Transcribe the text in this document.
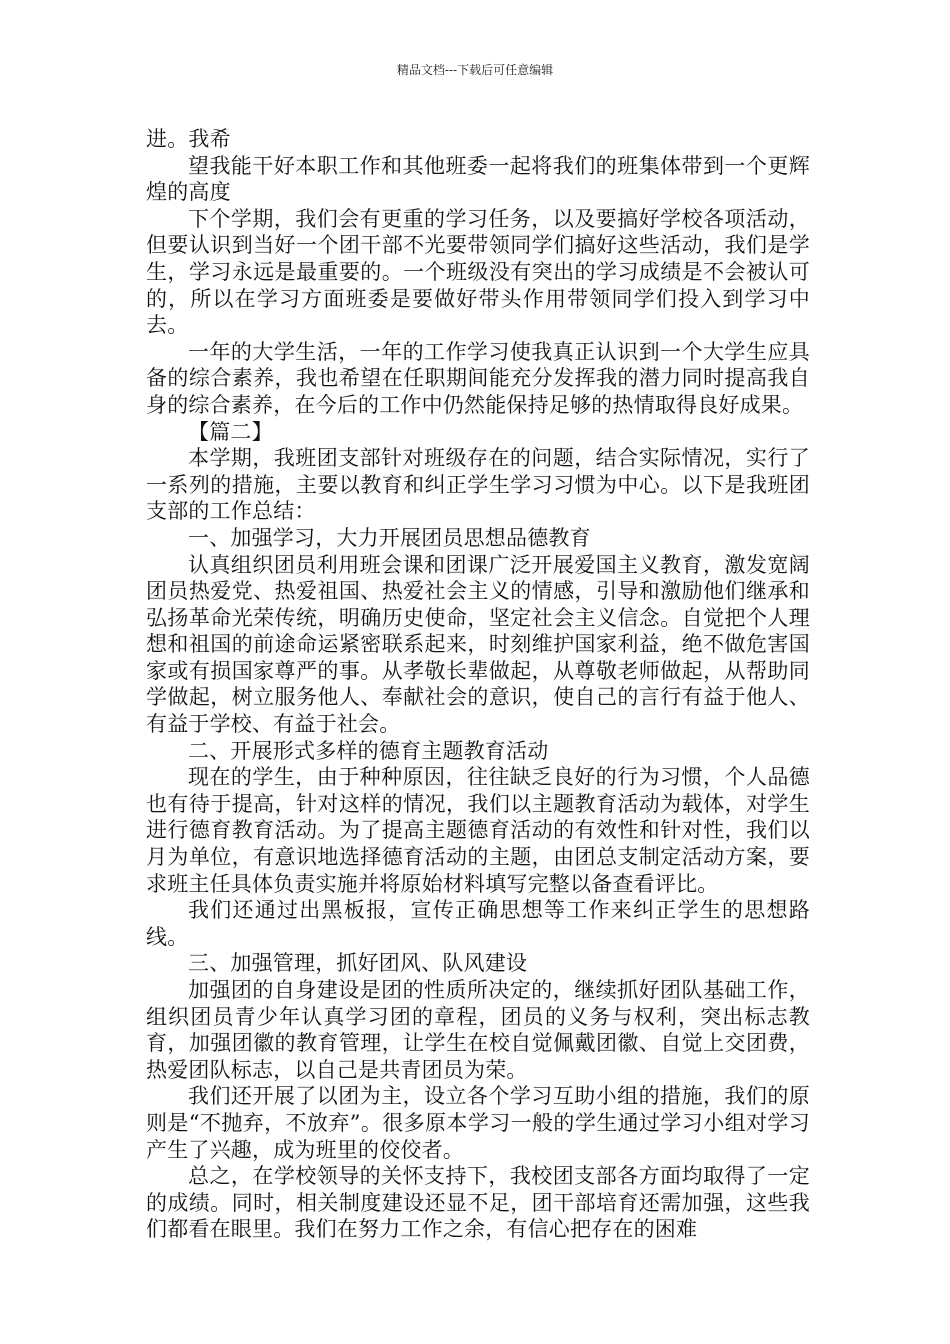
精品文档---下载后可任意编辑

进。我希

望我能干好本职工作和其他班委一起将我们的班集体带到一个更辉煌的高度

下个学期，我们会有更重的学习任务，以及要搞好学校各项活动，但要认识到当好一个团干部不光要带领同学们搞好这些活动，我们是学生，学习永远是最重要的。一个班级没有突出的学习成绩是不会被认可的，所以在学习方面班委是要做好带头作用带领同学们投入到学习中去。

一年的大学生活，一年的工作学习使我真正认识到一个大学生应具备的综合素养，我也希望在任职期间能充分发挥我的潜力同时提高我自身的综合素养，在今后的工作中仍然能保持足够的热情取得良好成果。

【篇二】

本学期，我班团支部针对班级存在的问题，结合实际情况，实行了一系列的措施，主要以教育和纠正学生学习习惯为中心。以下是我班团支部的工作总结：

一、加强学习，大力开展团员思想品德教育

认真组织团员利用班会课和团课广泛开展爱国主义教育，激发宽阔团员热爱党、热爱祖国、热爱社会主义的情感，引导和激励他们继承和弘扬革命光荣传统，明确历史使命，坚定社会主义信念。自觉把个人理想和祖国的前途命运紧密联系起来，时刻维护国家利益，绝不做危害国家或有损国家尊严的事。从孝敬长辈做起，从尊敬老师做起，从帮助同学做起，树立服务他人、奉献社会的意识，使自己的言行有益于他人、有益于学校、有益于社会。

二、开展形式多样的德育主题教育活动

现在的学生，由于种种原因，往往缺乏良好的行为习惯，个人品德也有待于提高，针对这样的情况，我们以主题教育活动为载体，对学生进行德育教育活动。为了提高主题德育活动的有效性和针对性，我们以月为单位，有意识地选择德育活动的主题，由团总支制定活动方案，要求班主任具体负责实施并将原始材料填写完整以备查看评比。

我们还通过出黑板报，宣传正确思想等工作来纠正学生的思想路线。

三、加强管理，抓好团风、队风建设

加强团的自身建设是团的性质所决定的，继续抓好团队基础工作，组织团员青少年认真学习团的章程，团员的义务与权利，突出标志教育，加强团徽的教育管理，让学生在校自觉佩戴团徽、自觉上交团费，热爱团队标志，以自己是共青团员为荣。

我们还开展了以团为主，设立各个学习互助小组的措施，我们的原则是“不抛弃，不放弃”。很多原本学习一般的学生通过学习小组对学习产生了兴趣，成为班里的佼佼者。

总之，在学校领导的关怀支持下，我校团支部各方面均取得了一定的成绩。同时，相关制度建设还显不足，团干部培育还需加强，这些我们都看在眼里。我们在努力工作之余，有信心把存在的困难
